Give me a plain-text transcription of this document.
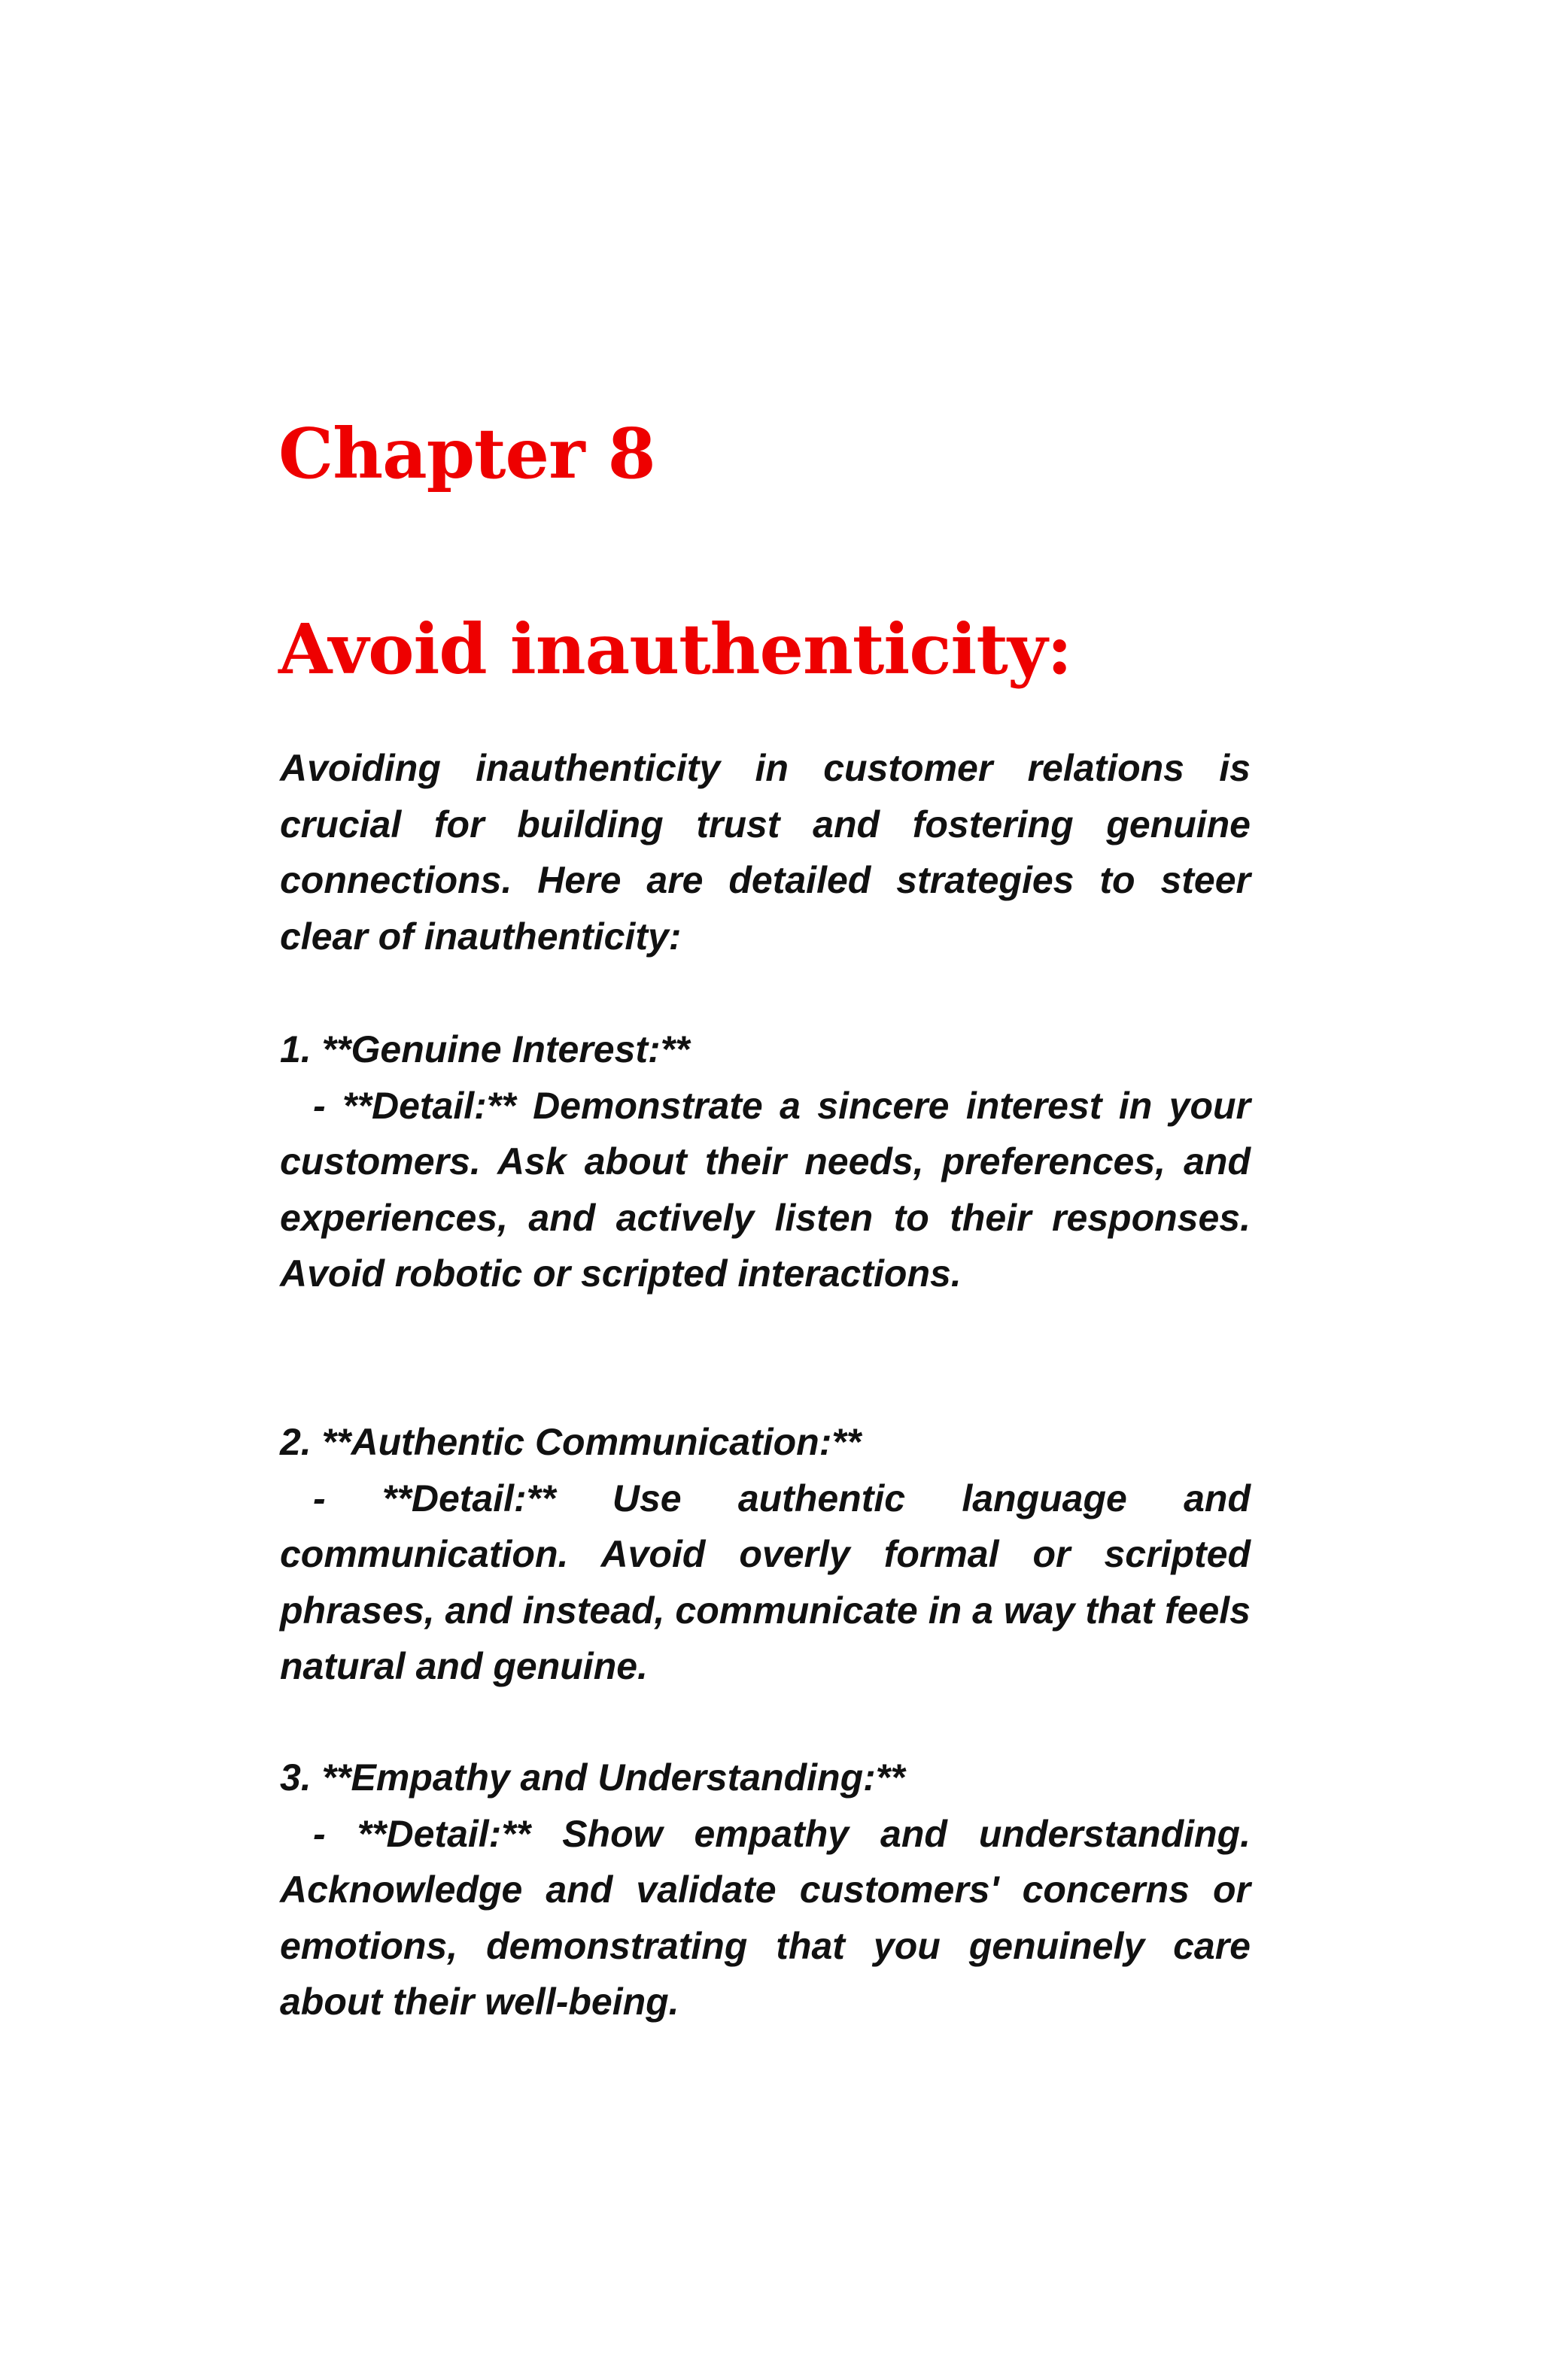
Chapter 8
Avoid inauthenticity:

Avoiding inauthenticity in customer relations is crucial for building trust and fostering genuine connections. Here are detailed strategies to steer clear of inauthenticity:

1. **Genuine Interest:**
- **Detail:** Demonstrate a sincere interest in your customers. Ask about their needs, preferences, and experiences, and actively listen to their responses. Avoid robotic or scripted interactions.
2. **Authentic Communication:**
- **Detail:** Use authentic language and communication. Avoid overly formal or scripted phrases, and instead, communicate in a way that feels natural and genuine.
3. **Empathy and Understanding:**
- **Detail:** Show empathy and understanding. Acknowledge and validate customers' concerns or emotions, demonstrating that you genuinely care about their well-being.
